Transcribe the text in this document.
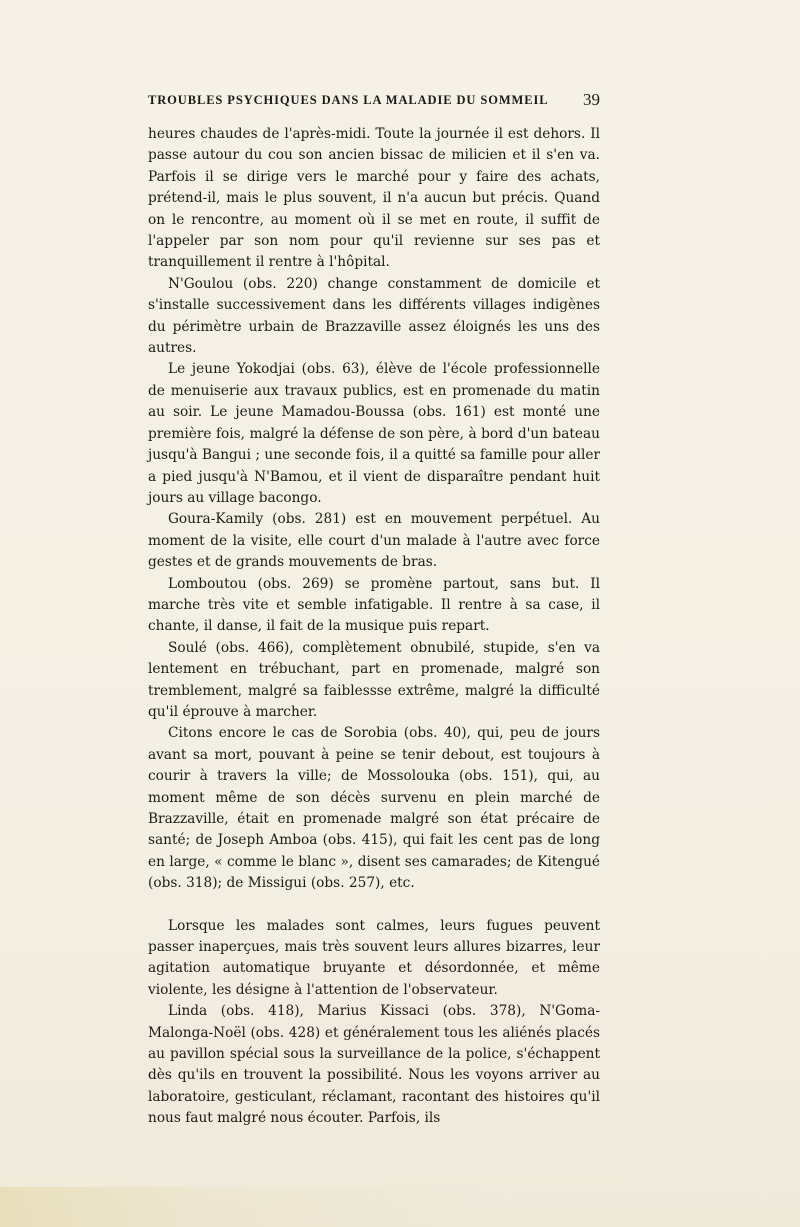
TROUBLES PSYCHIQUES DANS LA MALADIE DU SOMMEIL 39

heures chaudes de l'après-midi. Toute la journée il est dehors. Il passe autour du cou son ancien bissac de milicien et il s'en va. Parfois il se dirige vers le marché pour y faire des achats, prétend-il, mais le plus souvent, il n'a aucun but précis. Quand on le rencontre, au moment où il se met en route, il suffit de l'appeler par son nom pour qu'il revienne sur ses pas et tranquillement il rentre à l'hôpital.

N'Goulou (obs. 220) change constamment de domicile et s'installe successivement dans les différents villages indigènes du périmètre urbain de Brazzaville assez éloignés les uns des autres.

Le jeune Yokodjai (obs. 63), élève de l'école professionnelle de menuiserie aux travaux publics, est en promenade du matin au soir. Le jeune Mamadou-Boussa (obs. 161) est monté une première fois, malgré la défense de son père, à bord d'un bateau jusqu'à Bangui ; une seconde fois, il a quitté sa famille pour aller a pied jusqu'à N'Bamou, et il vient de disparaître pendant huit jours au village bacongo.

Goura-Kamily (obs. 281) est en mouvement perpétuel. Au moment de la visite, elle court d'un malade à l'autre avec force gestes et de grands mouvements de bras.

Lomboutou (obs. 269) se promène partout, sans but. Il marche très vite et semble infatigable. Il rentre à sa case, il chante, il danse, il fait de la musique puis repart.

Soulé (obs. 466), complètement obnubilé, stupide, s'en va lentement en trébuchant, part en promenade, malgré son tremblement, malgré sa faiblessse extrême, malgré la difficulté qu'il éprouve à marcher.

Citons encore le cas de Sorobia (obs. 40), qui, peu de jours avant sa mort, pouvant à peine se tenir debout, est toujours à courir à travers la ville; de Mossolouka (obs. 151), qui, au moment même de son décès survenu en plein marché de Brazzaville, était en promenade malgré son état précaire de santé; de Joseph Amboa (obs. 415), qui fait les cent pas de long en large, « comme le blanc », disent ses camarades; de Kitengué (obs. 318); de Missigui (obs. 257), etc.

Lorsque les malades sont calmes, leurs fugues peuvent passer inaperçues, mais très souvent leurs allures bizarres, leur agitation automatique bruyante et désordonnée, et même violente, les désigne à l'attention de l'observateur.

Linda (obs. 418), Marius Kissaci (obs. 378), N'Goma-Malonga-Noël (obs. 428) et généralement tous les aliénés placés au pavillon spécial sous la surveillance de la police, s'échappent dès qu'ils en trouvent la possibilité. Nous les voyons arriver au laboratoire, gesticulant, réclamant, racontant des histoires qu'il nous faut malgré nous écouter. Parfois, ils
